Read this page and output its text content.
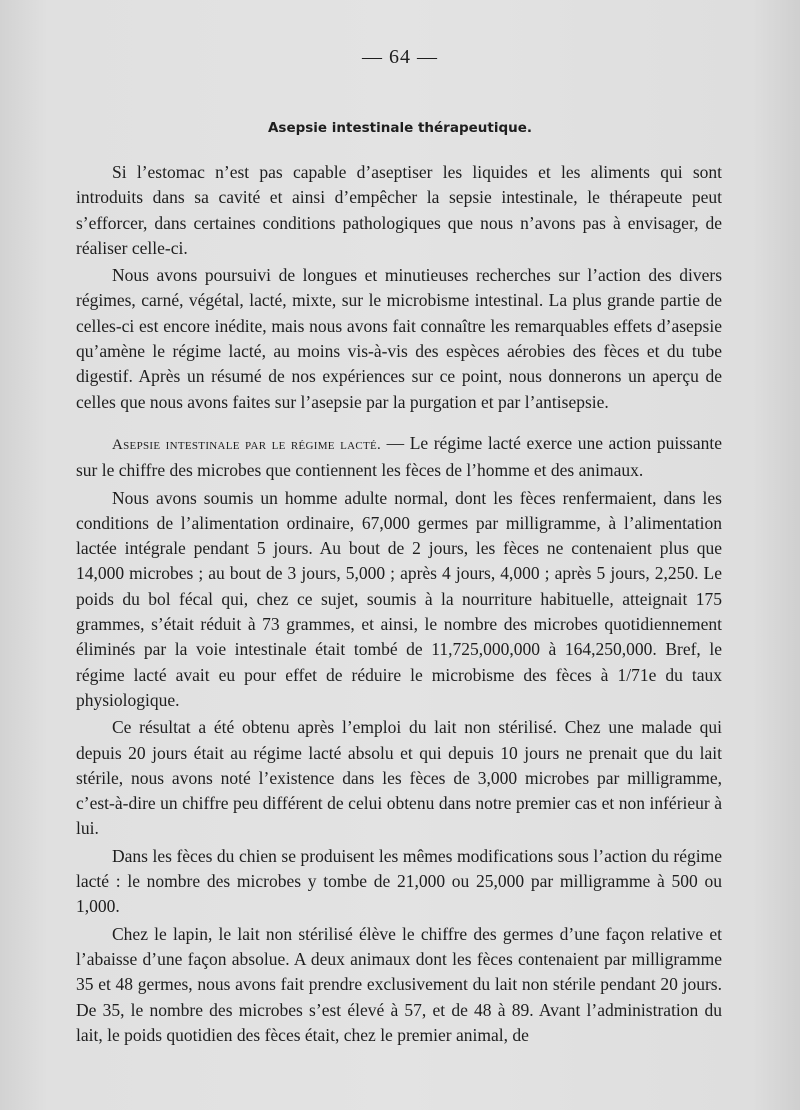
— 64 —
Asepsie intestinale thérapeutique.

Si l’estomac n’est pas capable d’aseptiser les liquides et les aliments qui sont introduits dans sa cavité et ainsi d’empêcher la sepsie intestinale, le thérapeute peut s’efforcer, dans certaines conditions pathologiques que nous n’avons pas à envisager, de réaliser celle-ci.

Nous avons poursuivi de longues et minutieuses recherches sur l’action des divers régimes, carné, végétal, lacté, mixte, sur le microbisme intestinal. La plus grande partie de celles-ci est encore inédite, mais nous avons fait connaître les remarquables effets d’asepsie qu’amène le régime lacté, au moins vis-à-vis des espèces aérobies des fèces et du tube digestif. Après un résumé de nos expériences sur ce point, nous donnerons un aperçu de celles que nous avons faites sur l’asepsie par la purgation et par l’antisepsie.

Asepsie intestinale par le régime lacté. — Le régime lacté exerce une action puissante sur le chiffre des microbes que contiennent les fèces de l’homme et des animaux.

Nous avons soumis un homme adulte normal, dont les fèces renfermaient, dans les conditions de l’alimentation ordinaire, 67,000 germes par milligramme, à l’alimentation lactée intégrale pendant 5 jours. Au bout de 2 jours, les fèces ne contenaient plus que 14,000 microbes ; au bout de 3 jours, 5,000 ; après 4 jours, 4,000 ; après 5 jours, 2,250. Le poids du bol fécal qui, chez ce sujet, soumis à la nourriture habituelle, atteignait 175 grammes, s’était réduit à 73 grammes, et ainsi, le nombre des microbes quotidiennement éliminés par la voie intestinale était tombé de 11,725,000,000 à 164,250,000. Bref, le régime lacté avait eu pour effet de réduire le microbisme des fèces à 1/71e du taux physiologique.

Ce résultat a été obtenu après l’emploi du lait non stérilisé. Chez une malade qui depuis 20 jours était au régime lacté absolu et qui depuis 10 jours ne prenait que du lait stérile, nous avons noté l’existence dans les fèces de 3,000 microbes par milligramme, c’est-à-dire un chiffre peu différent de celui obtenu dans notre premier cas et non inférieur à lui.

Dans les fèces du chien se produisent les mêmes modifications sous l’action du régime lacté : le nombre des microbes y tombe de 21,000 ou 25,000 par milligramme à 500 ou 1,000.

Chez le lapin, le lait non stérilisé élève le chiffre des germes d’une façon relative et l’abaisse d’une façon absolue. A deux animaux dont les fèces contenaient par milligramme 35 et 48 germes, nous avons fait prendre exclusivement du lait non stérile pendant 20 jours. De 35, le nombre des microbes s’est élevé à 57, et de 48 à 89. Avant l’administration du lait, le poids quotidien des fèces était, chez le premier animal, de
